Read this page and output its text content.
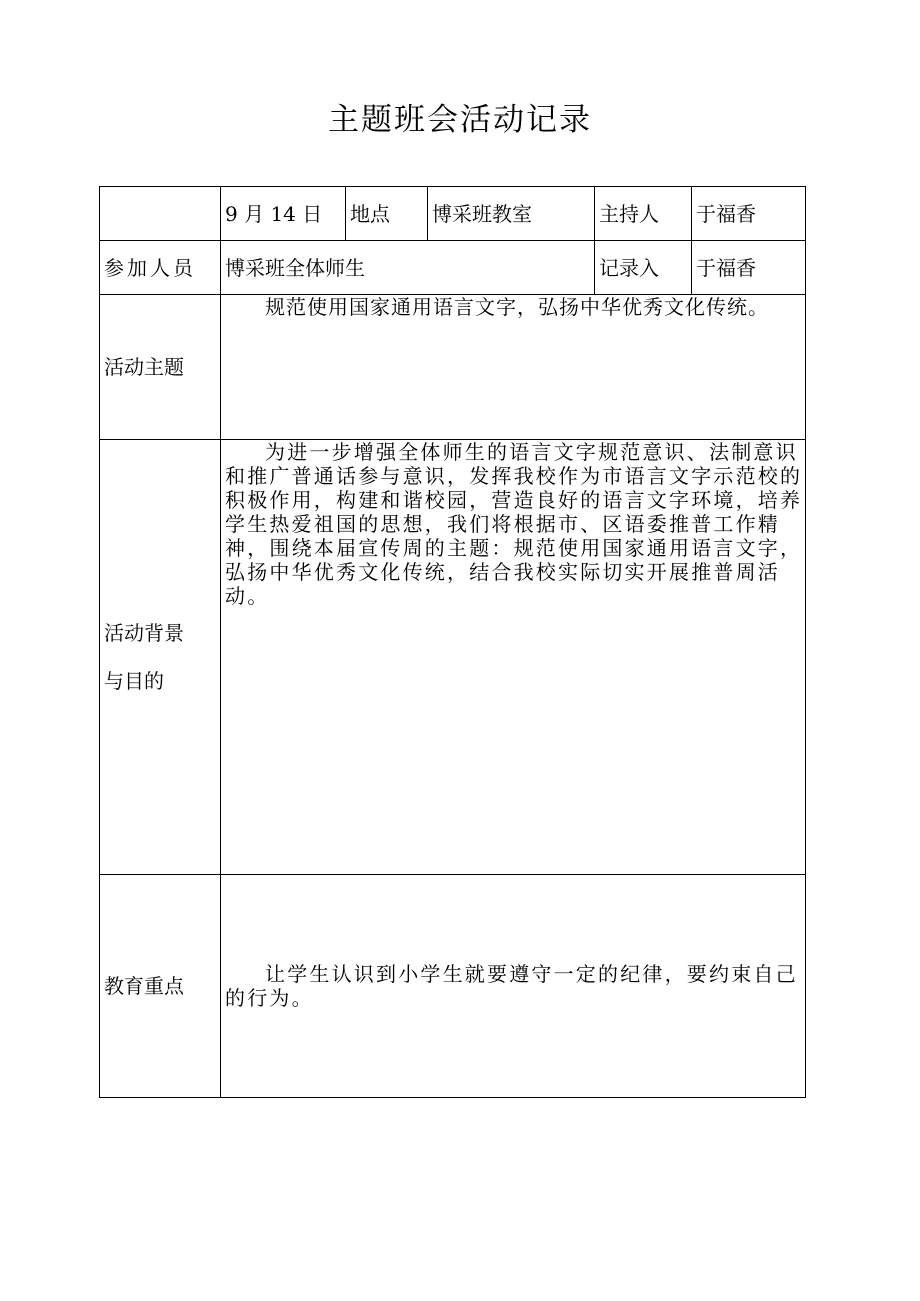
主题班会活动记录
	9 月 14 日	地点	博采班教室	主持人	于福香
参加人员	博采班全体师生			记录入	于福香
活动主题	规范使用国家通用语言文字，弘扬中华优秀文化传统。				

活动背景
与目的	为进一步增强全体师生的语言文字规范意识、法制意识和推广普通话参与意识，发挥我校作为市语言文字示范校的积极作用，构建和谐校园，营造良好的语言文字环境，培养学生热爱祖国的思想，我们将根据市、区语委推普工作精神，围绕本届宣传周的主题：规范使用国家通用语言文字，弘扬中华优秀文化传统，结合我校实际切实开展推普周活动。				
教育重点	让学生认识到小学生就要遵守一定的纪律，要约束自己的行为。				
